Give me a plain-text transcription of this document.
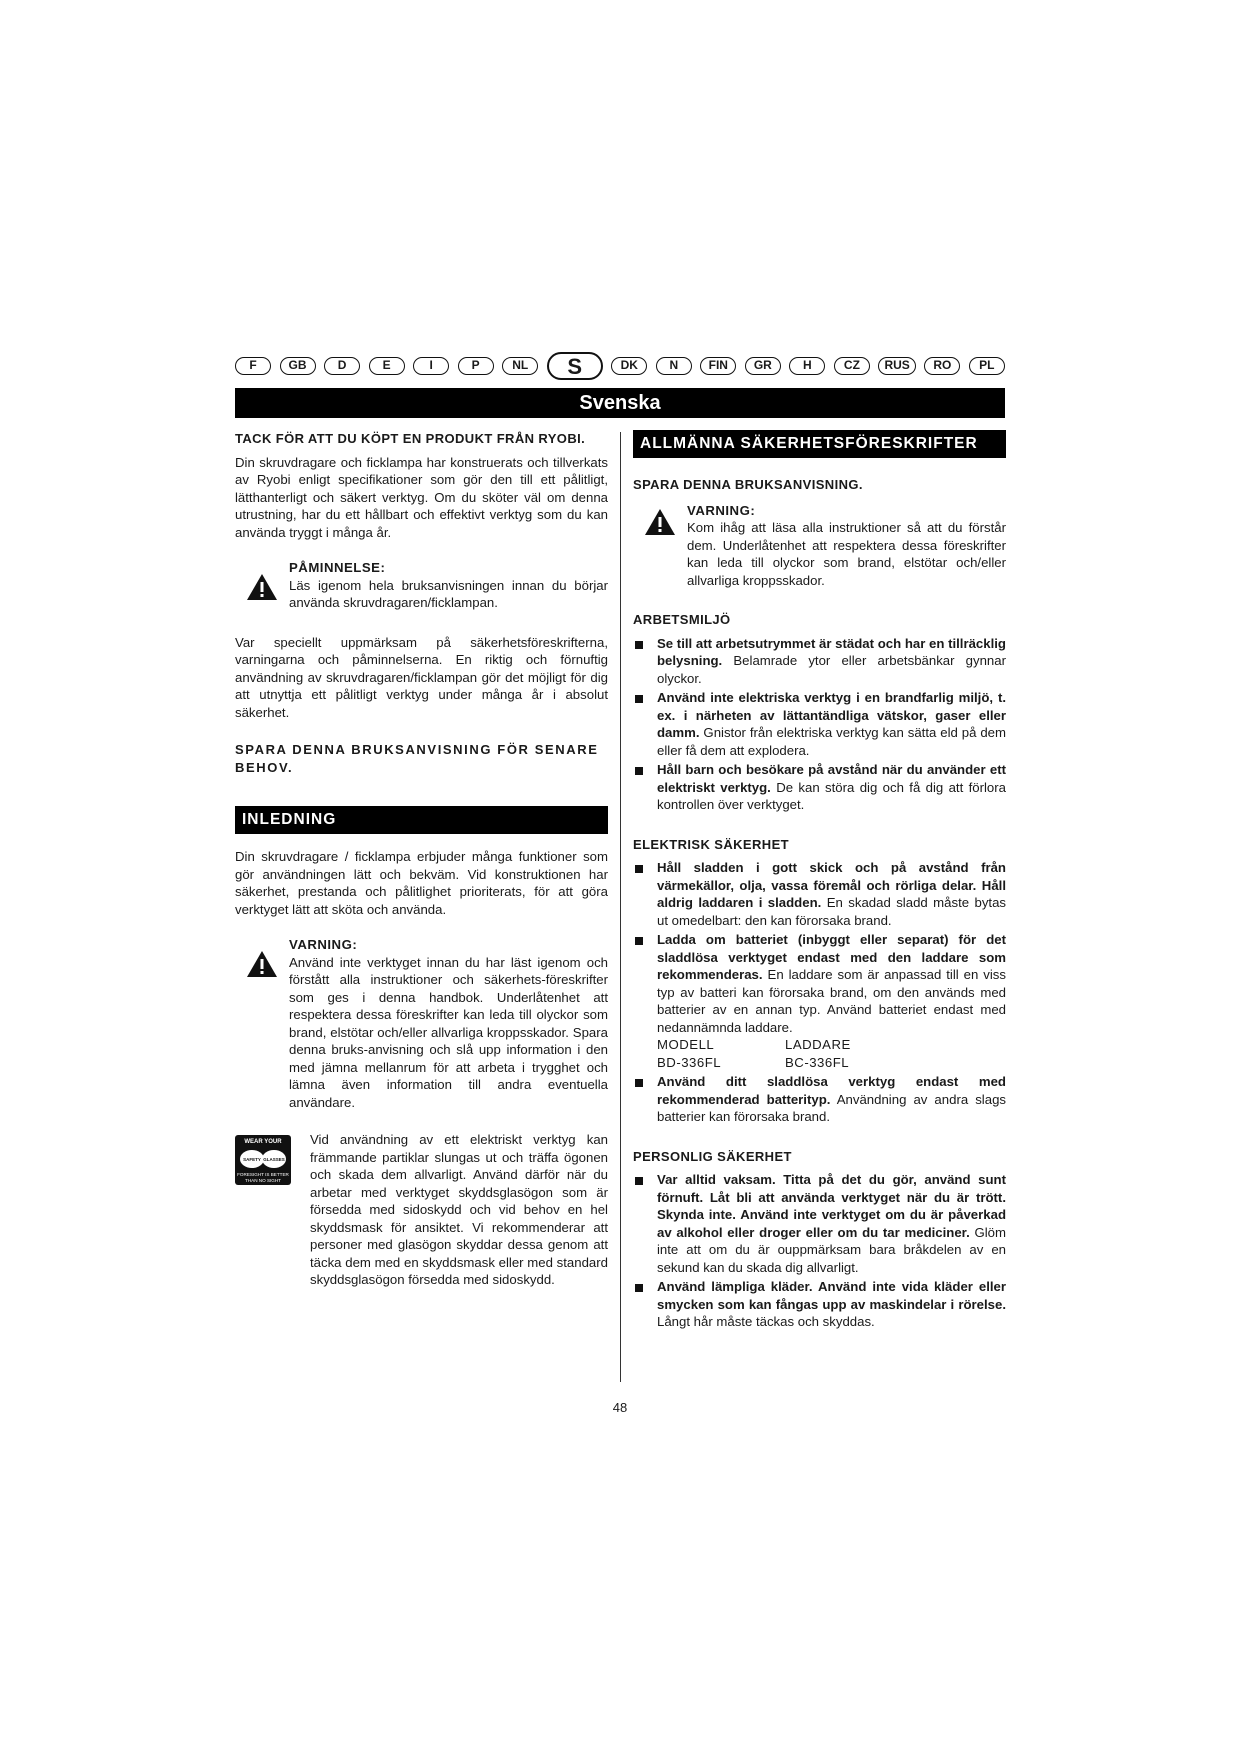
F	GB	D	E	I	P	NL	S	DK	N	FIN	GR	H	CZ	RUS	RO	PL
Svenska
TACK FÖR ATT DU KÖPT EN PRODUKT FRÅN RYOBI.

Din skruvdragare och ficklampa har konstruerats och tillverkats av Ryobi enligt specifikationer som gör den till ett pålitligt, lätthanterligt och säkert verktyg. Om du sköter väl om denna utrustning, har du ett hållbart och effektivt verktyg som du kan använda tryggt i många år.

PÅMINNELSE:
Läs igenom hela bruksanvisningen innan du börjar använda skruvdragaren/ficklampan.

Var speciellt uppmärksam på säkerhetsföreskrifterna, varningarna och påminnelserna. En riktig och förnuftig användning av skruvdragaren/ficklampan gör det möjligt för dig att utnyttja ett pålitligt verktyg under många år i absolut säkerhet.

SPARA DENNA BRUKSANVISNING FÖR SENARE BEHOV.
INLEDNING

Din skruvdragare / ficklampa erbjuder många funktioner som gör användningen lätt och bekväm. Vid konstruktionen har säkerhet, prestanda och pålitlighet prioriterats, för att göra verktyget lätt att sköta och använda.

VARNING:
Använd inte verktyget innan du har läst igenom och förstått alla instruktioner och säkerhets-föreskrifter som ges i denna handbok. Underlåtenhet att respektera dessa föreskrifter kan leda till olyckor som brand, elstötar och/eller allvarliga kroppsskador. Spara denna bruks-anvisning och slå upp information i den med jämna mellanrum för att arbeta i trygghet och lämna även information till andra eventuella användare.
WEAR YOUR
SAFETY GLASSES
FORESIGHT IS BETTER
THAN NO SIGHT
Vid användning av ett elektriskt verktyg kan främmande partiklar slungas ut och träffa ögonen och skada dem allvarligt. Använd därför när du arbetar med verktyget skyddsglasögon som är försedda med sidoskydd och vid behov en hel skyddsmask för ansiktet. Vi rekommenderar att personer med glasögon skyddar dessa genom att täcka dem med en skyddsmask eller med standard skyddsglasögon försedda med sidoskydd.
ALLMÄNNA SÄKERHETSFÖRESKRIFTER
SPARA DENNA BRUKSANVISNING.
VARNING:
Kom ihåg att läsa alla instruktioner så att du förstår dem. Underlåtenhet att respektera dessa föreskrifter kan leda till olyckor som brand, elstötar och/eller allvarliga kroppsskador.
ARBETSMILJÖ
Se till att arbetsutrymmet är städat och har en tillräcklig belysning. Belamrade ytor eller arbetsbänkar gynnar olyckor.
Använd inte elektriska verktyg i en brandfarlig miljö, t. ex. i närheten av lättantändliga vätskor, gaser eller damm. Gnistor från elektriska verktyg kan sätta eld på dem eller få dem att explodera.
Håll barn och besökare på avstånd när du använder ett elektriskt verktyg. De kan störa dig och få dig att förlora kontrollen över verktyget.
ELEKTRISK SÄKERHET
Håll sladden i gott skick och på avstånd från värmekällor, olja, vassa föremål och rörliga delar. Håll aldrig laddaren i sladden. En skadad sladd måste bytas ut omedelbart: den kan förorsaka brand.
Ladda om batteriet (inbyggt eller separat) för det sladdlösa verktyget endast med den laddare som rekommenderas. En laddare som är anpassad till en viss typ av batteri kan förorsaka brand, om den används med batterier av en annan typ. Använd batteriet endast med nedannämnda laddare.
MODELL	LADDARE
BD-336FL	BC-336FL
Använd ditt sladdlösa verktyg endast med rekommenderad batterityp. Användning av andra slags batterier kan förorsaka brand.
PERSONLIG SÄKERHET
Var alltid vaksam. Titta på det du gör, använd sunt förnuft. Låt bli att använda verktyget när du är trött. Skynda inte. Använd inte verktyget om du är påverkad av alkohol eller droger eller om du tar mediciner. Glöm inte att om du är ouppmärksam bara bråkdelen av en sekund kan du skada dig allvarligt.
Använd lämpliga kläder. Använd inte vida kläder eller smycken som kan fångas upp av maskindelar i rörelse. Långt hår måste täckas och skyddas.
48
